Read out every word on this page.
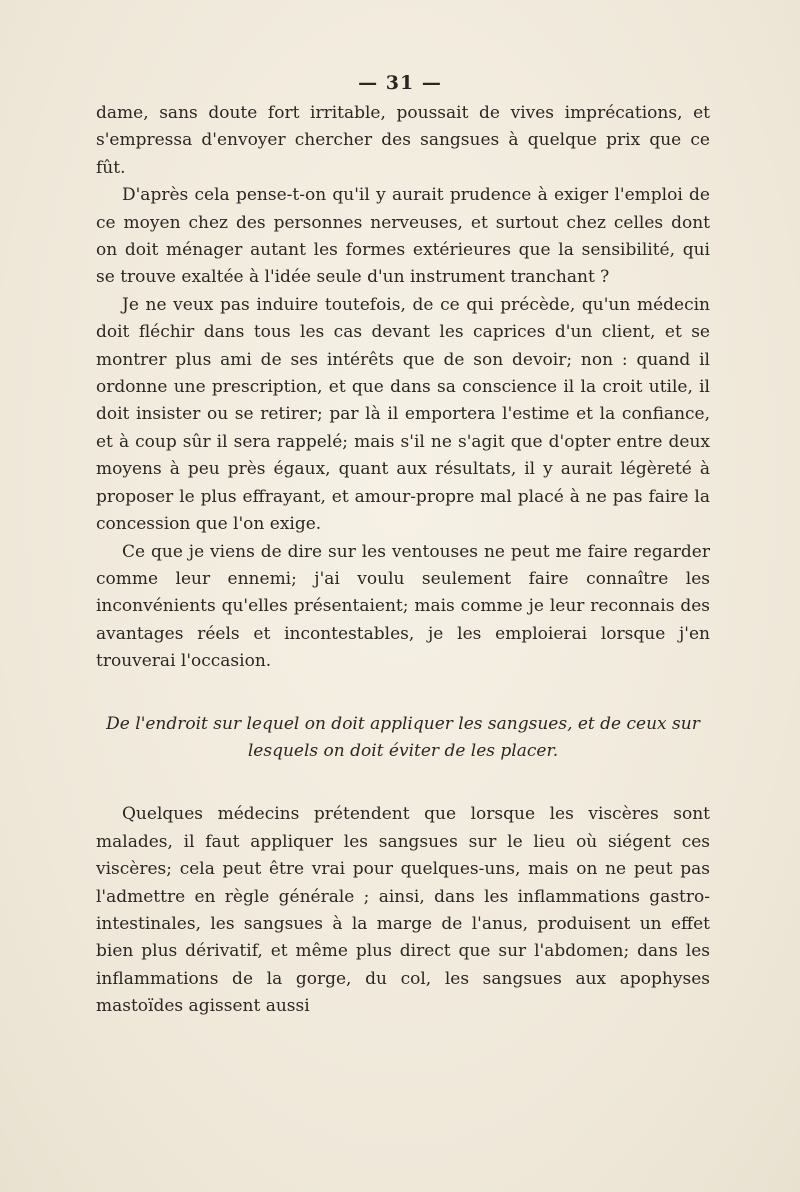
— 31 —

dame, sans doute fort irritable, poussait de vives imprécations, et s'empressa d'envoyer chercher des sangsues à quelque prix que ce fût.

D'après cela pense-t-on qu'il y aurait prudence à exiger l'emploi de ce moyen chez des personnes nerveuses, et surtout chez celles dont on doit ménager autant les formes extérieures que la sensibilité, qui se trouve exaltée à l'idée seule d'un instrument tranchant ?

Je ne veux pas induire toutefois, de ce qui précède, qu'un médecin doit fléchir dans tous les cas devant les caprices d'un client, et se montrer plus ami de ses intérêts que de son devoir; non : quand il ordonne une prescription, et que dans sa conscience il la croit utile, il doit insister ou se retirer; par là il emportera l'estime et la confiance, et à coup sûr il sera rappelé; mais s'il ne s'agit que d'opter entre deux moyens à peu près égaux, quant aux résultats, il y aurait légèreté à proposer le plus effrayant, et amour-propre mal placé à ne pas faire la concession que l'on exige.

Ce que je viens de dire sur les ventouses ne peut me faire regarder comme leur ennemi; j'ai voulu seulement faire connaître les inconvénients qu'elles présentaient; mais comme je leur reconnais des avantages réels et incontestables, je les emploierai lorsque j'en trouverai l'occasion.

De l'endroit sur lequel on doit appliquer les sangsues, et de ceux sur
lesquels on doit éviter de les placer.

Quelques médecins prétendent que lorsque les viscères sont malades, il faut appliquer les sangsues sur le lieu où siégent ces viscères; cela peut être vrai pour quelques-uns, mais on ne peut pas l'admettre en règle générale ; ainsi, dans les inflammations gastro-intestinales, les sangsues à la marge de l'anus, produisent un effet bien plus dérivatif, et même plus direct que sur l'abdomen; dans les inflammations de la gorge, du col, les sangsues aux apophyses mastoïdes agissent aussi
